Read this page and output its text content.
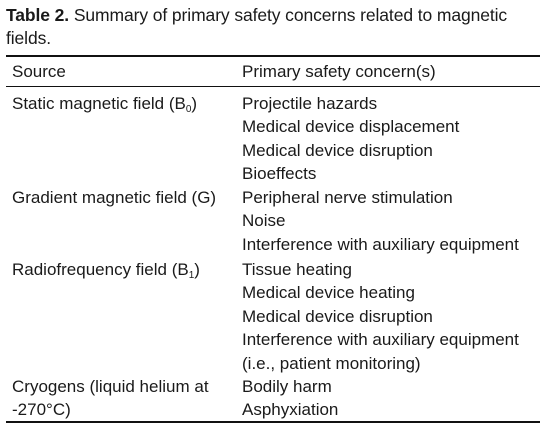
Table 2. Summary of primary safety concerns related to magnetic
fields.
Source	Primary safety concern(s)
Static magnetic field $(B_0)$	Projectile hazards
Medical device displacement
Medical device disruption
Bioeffects
Gradient magnetic field (G) Peripheral nerve stimulation
Noise
Interference with auxiliary equipment
Radiofrequency field $(B_1)$ Tissue heating
Medical device heating
Medical device disruption
Interference with auxiliary equipment
(i.e., patient monitoring)
Cryogens (liquid helium at
-270°C)
Bodily harm
Asphyxiation
